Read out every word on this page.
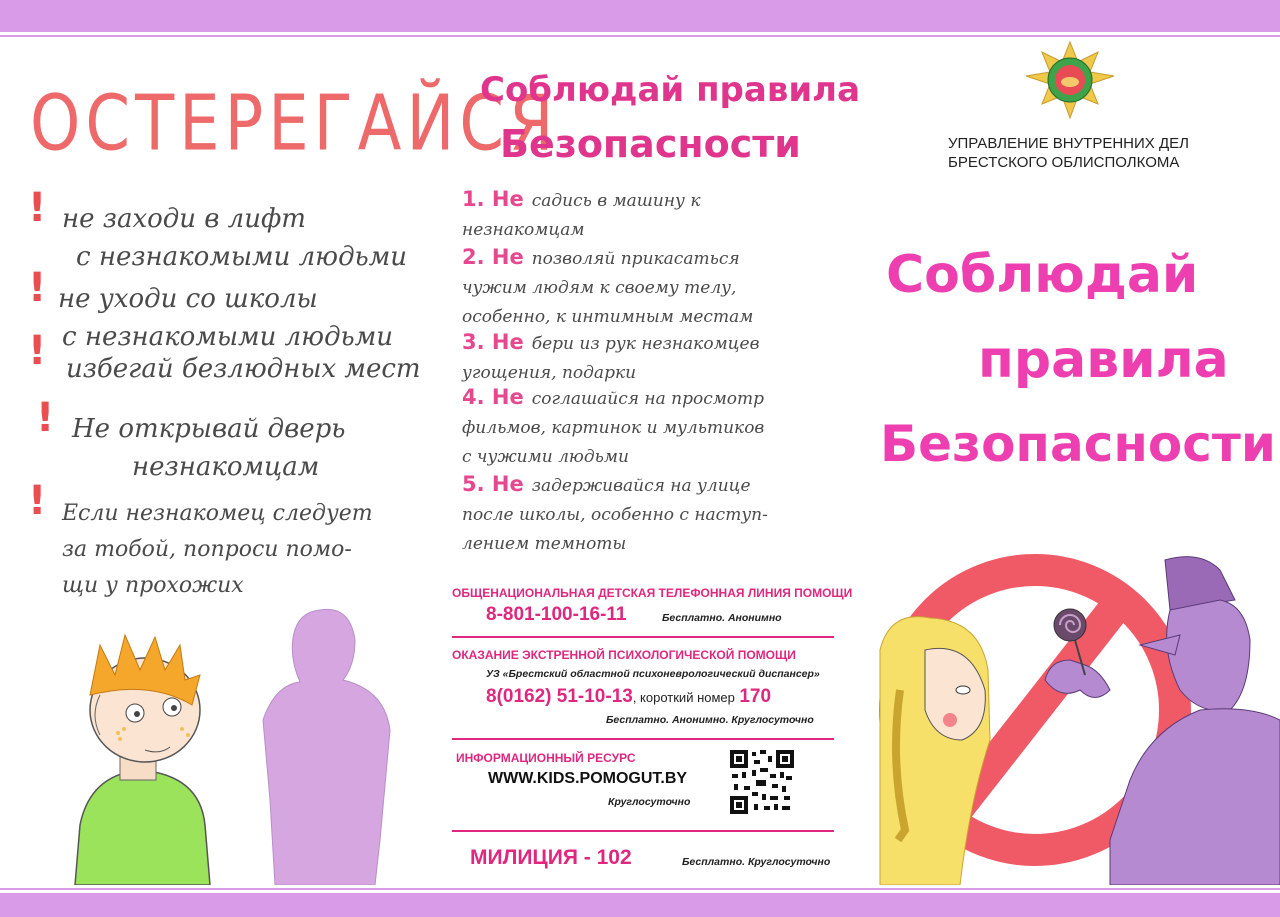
ОСТЕРЕГАЙСЯ
! не заходи в лифт
с незнакомыми людьми
! не уходи со школы
с незнакомыми людьми
! избегай безлюдных мест
! Не открывай дверь
незнакомцам
! Если незнакомец следует
за тобой, попроси помо-
щи у прохожих
Соблюдай правила
Безопасности
1. Не садись в машину к
незнакомцам
2. Не позволяй прикасаться
чужим людям к своему телу,
особенно, к интимным местам
3. Не бери из рук незнакомцев
угощения, подарки
4. Не соглашайся на просмотр
фильмов, картинок и мультиков
с чужими людьми
5. Не задерживайся на улице
после школы, особенно с наступ-
лением темноты
ОБЩЕНАЦИОНАЛЬНАЯ ДЕТСКАЯ ТЕЛЕФОННАЯ ЛИНИЯ ПОМОЩИ
8-801-100-16-11	Бесплатно. Анонимно
ОКАЗАНИЕ ЭКСТРЕННОЙ ПСИХОЛОГИЧЕСКОЙ ПОМОЩИ
УЗ «Брестский областной психоневрологический диспансер»
8(0162) 51-10-13, короткий номер 170
Бесплатно. Анонимно. Круглосуточно
ИНФОРМАЦИОННЫЙ РЕСУРС
WWW.KIDS.POMOGUT.BY
Круглосуточно
МИЛИЦИЯ - 102	Бесплатно. Круглосуточно
УПРАВЛЕНИЕ ВНУТРЕННИХ ДЕЛ
БРЕСТСКОГО ОБЛИСПОЛКОМА
Соблюдай
правила
Безопасности
